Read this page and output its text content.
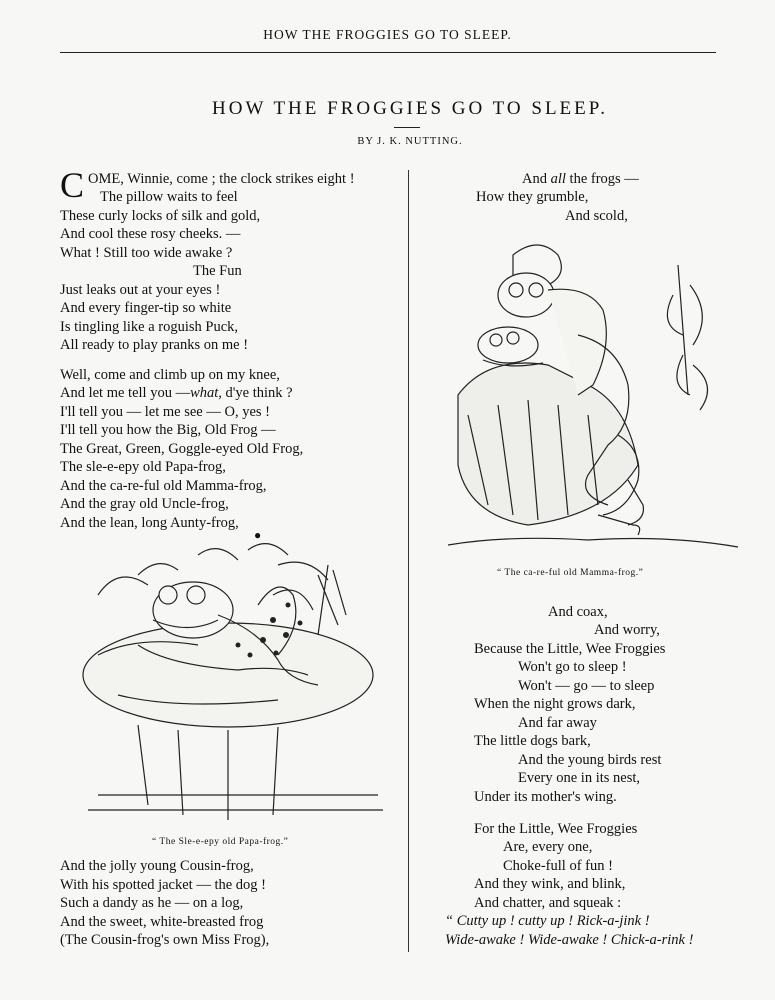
HOW THE FROGGIES GO TO SLEEP.
HOW THE FROGGIES GO TO SLEEP.
BY J. K. NUTTING.
C OME, Winnie, come ; the clock strikes eight !
The pillow waits to feel
These curly locks of silk and gold,
And cool these rosy cheeks. —
What ! Still too wide awake ?
The Fun
Just leaks out at your eyes !
And every finger-tip so white
Is tingling like a roguish Puck,
All ready to play pranks on me !
Well, come and climb up on my knee,
And let me tell you —what, d'ye think ?
I'll tell you — let me see — O, yes !
I'll tell you how the Big, Old Frog —
The Great, Green, Goggle-eyed Old Frog,
The sle-e-epy old Papa-frog,
And the ca-re-ful old Mamma-frog,
And the gray old Uncle-frog,
And the lean, long Aunty-frog,
●
“ The Sle-e-epy old Papa-frog.”
And the jolly young Cousin-frog,
With his spotted jacket — the dog !
Such a dandy as he — on a log,
And the sweet, white-breasted frog
(The Cousin-frog's own Miss Frog),
And all the frogs —
How they grumble,
And scold,
“ The ca-re-ful old Mamma-frog.”
And coax,
And worry,
Because the Little, Wee Froggies
Won't go to sleep !
Won't — go — to sleep
When the night grows dark,
And far away
The little dogs bark,
And the young birds rest
Every one in its nest,
Under its mother's wing.
For the Little, Wee Froggies
Are, every one,
Choke-full of fun !
And they wink, and blink,
And chatter, and squeak :
“ Cutty up ! cutty up ! Rick-a-jink !
Wide-awake ! Wide-awake ! Chick-a-rink !
